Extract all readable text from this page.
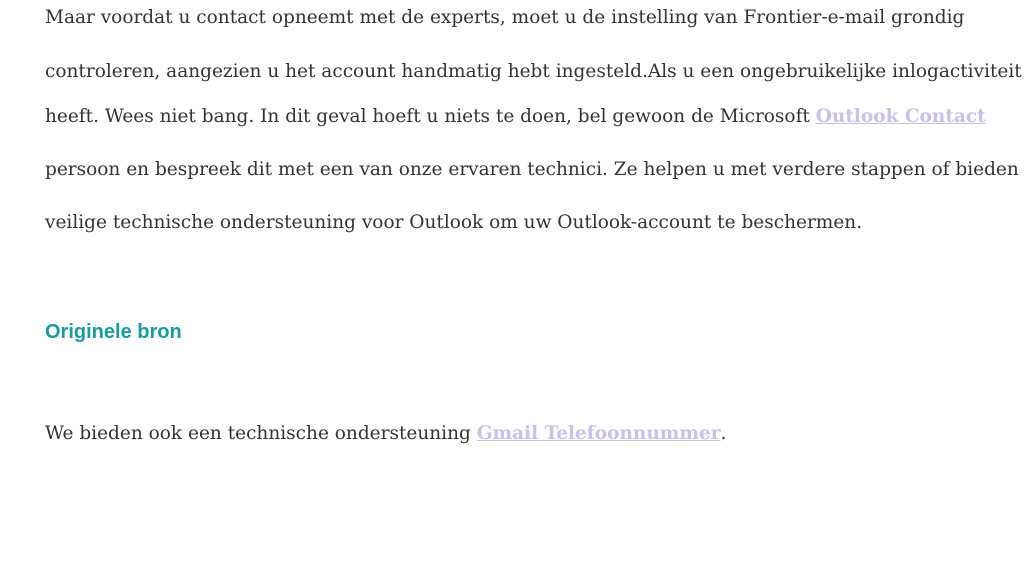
Maar voordat u contact opneemt met de experts, moet u de instelling van Frontier-e-mail grondig
controleren, aangezien u het account handmatig hebt ingesteld.Als u een ongebruikelijke inlogactiviteit
heeft. Wees niet bang. In dit geval hoeft u niets te doen, bel gewoon de Microsoft Outlook Contact
persoon en bespreek dit met een van onze ervaren technici. Ze helpen u met verdere stappen of bieden
veilige technische ondersteuning voor Outlook om uw Outlook-account te beschermen.
Originele bron
We bieden ook een technische ondersteuning Gmail Telefoonnummer.
